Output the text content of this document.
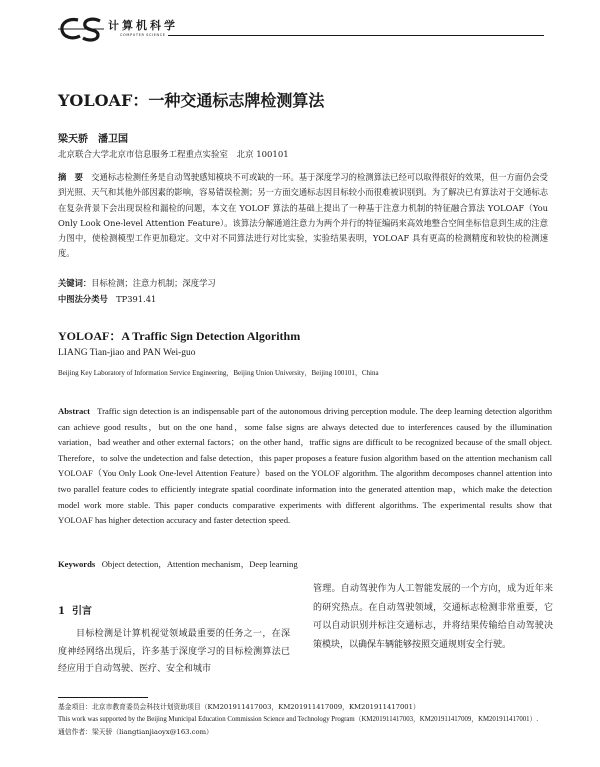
计算机科学
COMPUTER SCIENCE
YOLOAF：一种交通标志牌检测算法
梁天骄　潘卫国
北京联合大学北京市信息服务工程重点实验室　北京 100101
摘　要　 交通标志检测任务是自动驾驶感知模块不可或缺的一环。基于深度学习的检测算法已经可以取得很好的效果，但一方面仍会受到光照、天气和其他外部因素的影响，容易错误检测；另一方面交通标志因目标较小而很难被识别到。为了解决已有算法对于交通标志在复杂背景下会出现误检和漏检的问题，本文在 YOLOF 算法的基础上提出了一种基于注意力机制的特征融合算法 YOLOAF（You Only Look One-level Attention Feature）。该算法分解通道注意力为两个并行的特征编码来高效地整合空间坐标信息到生成的注意力图中，使检测模型工作更加稳定。文中对不同算法进行对比实验，实验结果表明，YOLOAF 具有更高的检测精度和较快的检测速度。
关键词：目标检测；注意力机制；深度学习
中图法分类号　 TP391.41
YOLOAF：A Traffic Sign Detection Algorithm
LIANG Tian-jiao and PAN Wei-guo
Beijing Key Laboratory of Information Service Engineering，Beijing Union University，Beijing 100101，China
Abstract Traffic sign detection is an indispensable part of the autonomous driving perception module. The deep learning detection algorithm can achieve good results，but on the one hand，some false signs are always detected due to interferences caused by the illumination variation，bad weather and other external factors；on the other hand，traffic signs are difficult to be recognized because of the small object. Therefore，to solve the undetection and false detection，this paper proposes a feature fusion algorithm based on the attention mechanism call YOLOAF（You Only Look One-level Attention Feature）based on the YOLOF algorithm. The algorithm decomposes channel attention into two parallel feature codes to efficiently integrate spatial coordinate information into the generated attention map，which make the detection model work more stable. This paper conducts comparative experiments with different algorithms. The experimental results show that YOLOAF has higher detection accuracy and faster detection speed.
Keywords Object detection，Attention mechanism，Deep learning
1 引言
目标检测是计算机视觉领域最重要的任务之一，在深度神经网络出现后，许多基于深度学习的目标检测算法已经应用于自动驾驶、医疗、安全和城市
管理。自动驾驶作为人工智能发展的一个方向，成为近年来的研究热点。在自动驾驶领域，交通标志检测非常重要，它可以自动识别并标注交通标志，并将结果传输给自动驾驶决策模块，以确保车辆能够按照交通规则安全行驶。
基金项目：北京市教育委员会科技计划资助项目（KM201911417003，KM201911417009，KM201911417001）
This work was supported by the Beijing Municipal Education Commission Science and Technology Program（KM201911417003，KM201911417009，KM201911417001）.
通信作者：梁天骄（liangtianjiaoyx@163.com）
